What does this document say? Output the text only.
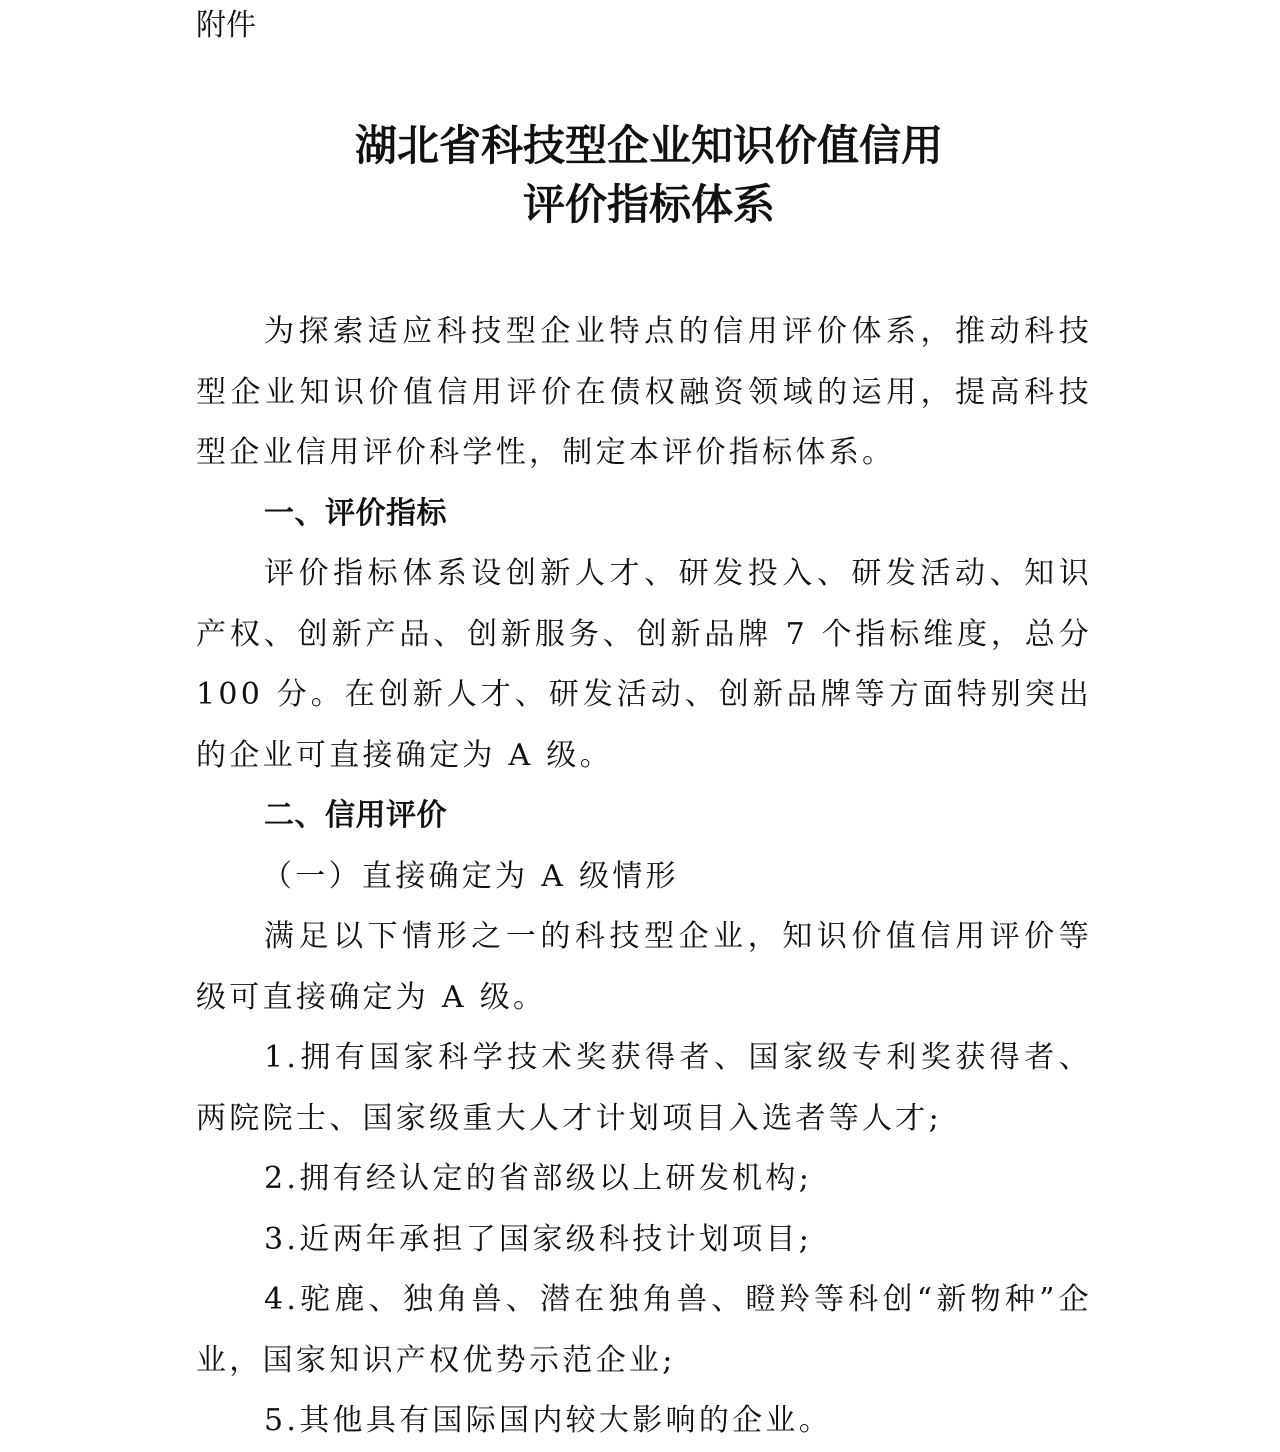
附件
湖北省科技型企业知识价值信用
评价指标体系

为探索适应科技型企业特点的信用评价体系，推动科技型企业知识价值信用评价在债权融资领域的运用，提高科技型企业信用评价科学性，制定本评价指标体系。

一、评价指标

评价指标体系设创新人才、研发投入、研发活动、知识产权、创新产品、创新服务、创新品牌 7 个指标维度，总分100 分。在创新人才、研发活动、创新品牌等方面特别突出的企业可直接确定为 A 级。

二、信用评价

（一）直接确定为 A 级情形

满足以下情形之一的科技型企业，知识价值信用评价等级可直接确定为 A 级。

1.拥有国家科学技术奖获得者、国家级专利奖获得者、两院院士、国家级重大人才计划项目入选者等人才;

2.拥有经认定的省部级以上研发机构;

3.近两年承担了国家级科技计划项目;

4.驼鹿、独角兽、潜在独角兽、瞪羚等科创“新物种”企业，国家知识产权优势示范企业;

5.其他具有国际国内较大影响的企业。
